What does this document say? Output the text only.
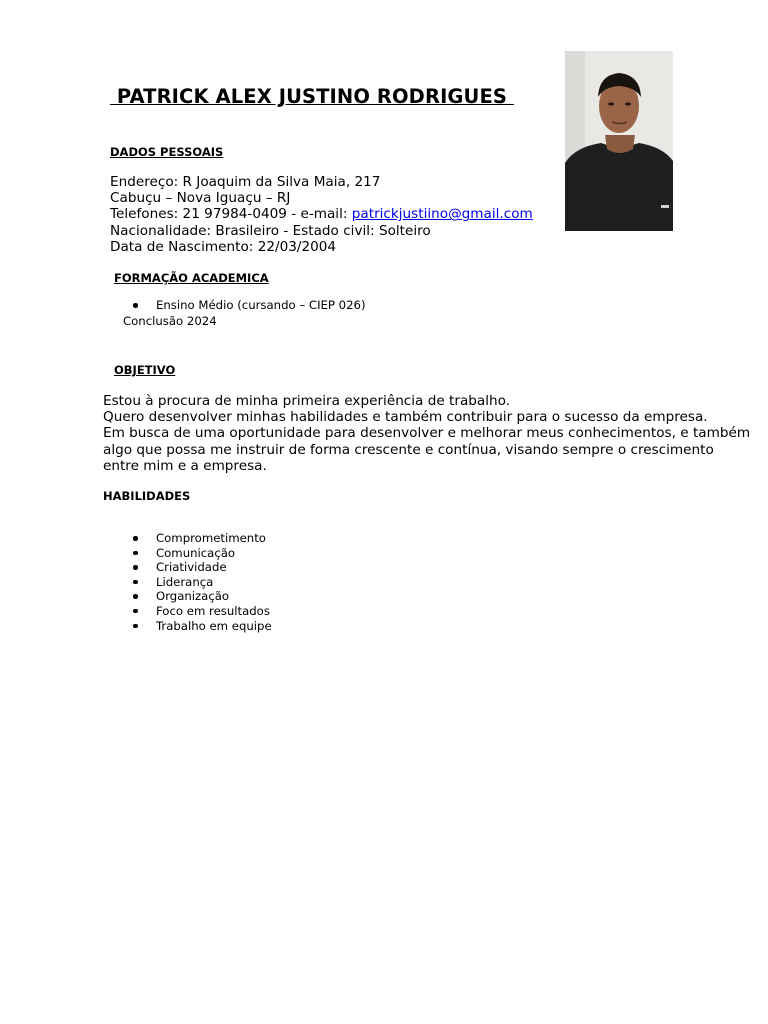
PATRICK ALEX JUSTINO RODRIGUES
DADOS PESSOAIS
Endereço: R Joaquim da Silva Maia, 217
Cabuçu – Nova Iguaçu – RJ
Telefones: 21 97984-0409 - e-mail: patrickjustiino@gmail.com
Nacionalidade: Brasileiro - Estado civil: Solteiro
Data de Nascimento: 22/03/2004
FORMAÇÃO ACADEMICA
Ensino Médio (cursando – CIEP 026)
Conclusão 2024
OBJETIVO
Estou à procura de minha primeira experiência de trabalho.
Quero desenvolver minhas habilidades e também contribuir para o sucesso da empresa.
Em busca de uma oportunidade para desenvolver e melhorar meus conhecimentos, e também
algo que possa me instruir de forma crescente e contínua, visando sempre o crescimento
entre mim e a empresa.
HABILIDADES
Comprometimento
Comunicação
Criatividade
Liderança
Organização
Foco em resultados
Trabalho em equipe
